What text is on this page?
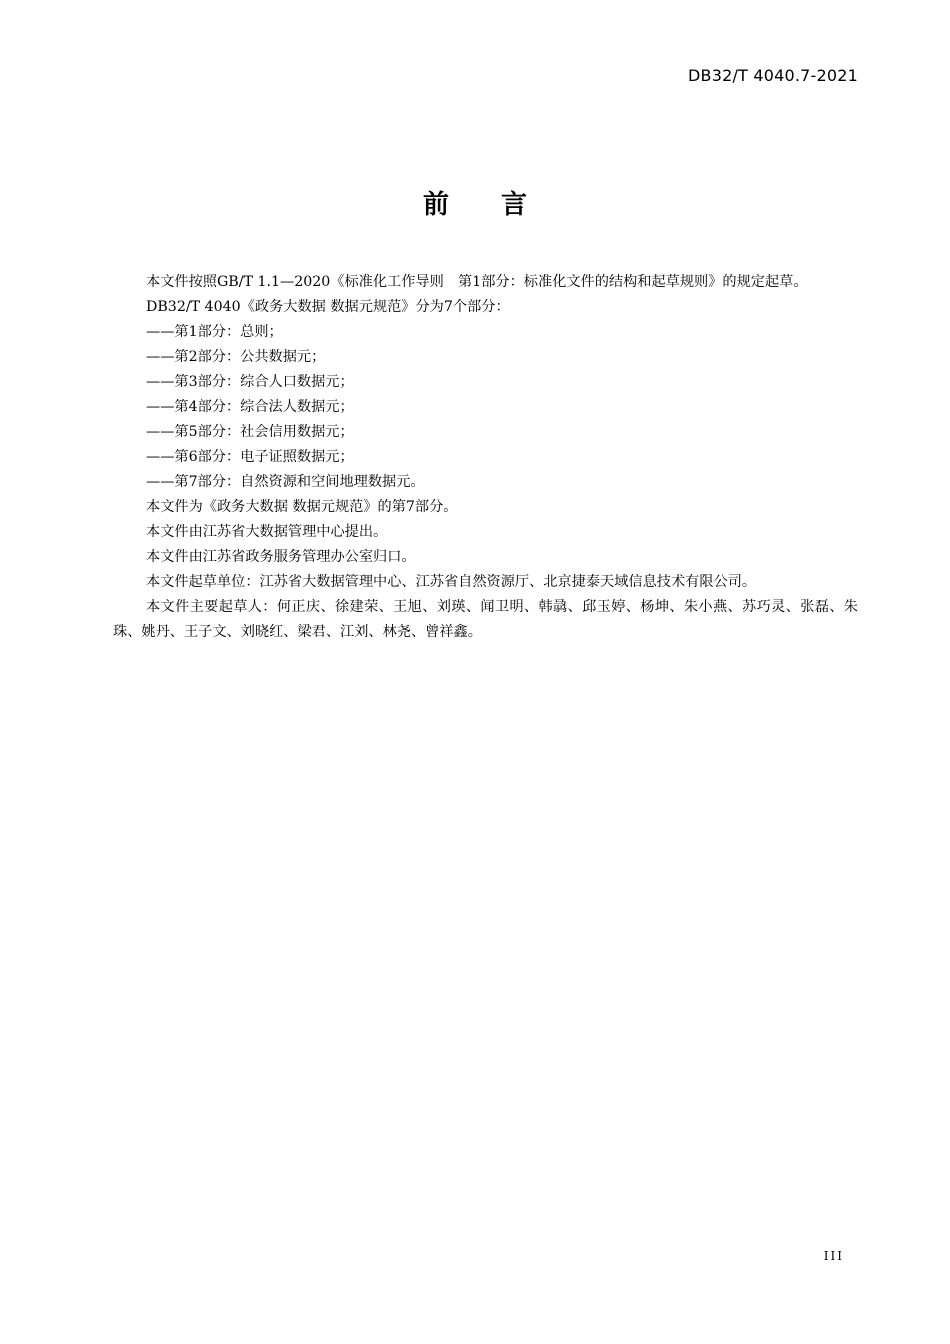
DB32/T 4040.7-2021
前言

本文件按照GB/T 1.1—2020《标准化工作导则　第1部分：标准化文件的结构和起草规则》的规定起草。

DB32/T 4040《政务大数据 数据元规范》分为7个部分：

——第1部分：总则；

——第2部分：公共数据元；

——第3部分：综合人口数据元；

——第4部分：综合法人数据元；

——第5部分：社会信用数据元；

——第6部分：电子证照数据元；

——第7部分：自然资源和空间地理数据元。

本文件为《政务大数据 数据元规范》的第7部分。

本文件由江苏省大数据管理中心提出。

本文件由江苏省政务服务管理办公室归口。

本文件起草单位：江苏省大数据管理中心、江苏省自然资源厅、北京捷泰天域信息技术有限公司。

本文件主要起草人：何正庆、徐建荣、王旭、刘瑛、闻卫明、韩骉、邱玉婷、杨坤、朱小燕、苏巧灵、张磊、朱珠、姚丹、王子文、刘晓红、梁君、江刘、林尧、曾祥鑫。

III
